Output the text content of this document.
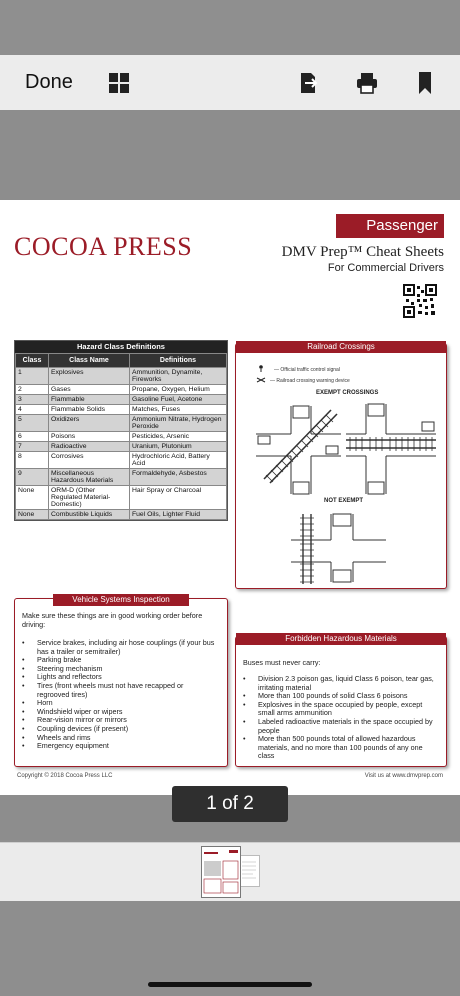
Done
Passenger
COCOA PRESS	DMV Prep™ Cheat Sheets
For Commercial Drivers
Hazard Class Definitions
Class	Class Name	Definitions
1	Explosives	Ammunition, Dynamite, Fireworks
2	Gases	Propane, Oxygen, Helium
3	Flammable	Gasoline Fuel, Acetone
4	Flammable Solids	Matches, Fuses
5	Oxidizers	Ammonium Nitrate, Hydrogen Peroxide
6	Poisons	Pesticides, Arsenic
7	Radioactive	Uranium, Plutonium
8	Corrosives	Hydrochloric Acid, Battery Acid
9	Miscellaneous Hazardous Materials	Formaldehyde, Asbestos
None	ORM-D (Other Regulated Material-Domestic)	Hair Spray or Charcoal
None	Combustible Liquids	Fuel Oils, Lighter Fluid
Railroad Crossings
— Official traffic control signal
— Railroad crossing warning device
EXEMPT CROSSINGS
NOT EXEMPT
Vehicle Systems Inspection
Make sure these things are in good working order before driving:
• Service brakes, including air hose couplings (if your bus has a trailer or semitrailer)
• Parking brake
• Steering mechanism
• Lights and reflectors
• Tires (front wheels must not have recapped or regrooved tires)
• Horn
• Windshield wiper or wipers
• Rear-vision mirror or mirrors
• Coupling devices (if present)
• Wheels and rims
• Emergency equipment
Forbidden Hazardous Materials
Buses must never carry:
• Division 2.3 poison gas, liquid Class 6 poison, tear gas, irritating material
• More than 100 pounds of solid Class 6 poisons
• Explosives in the space occupied by people, except small arms ammunition
• Labeled radioactive materials in the space occupied by people
• More than 500 pounds total of allowed hazardous materials, and no more than 100 pounds of any one class
Copyright © 2018 Cocoa Press LLC	Visit us at www.dmvprep.com
1 of 2
